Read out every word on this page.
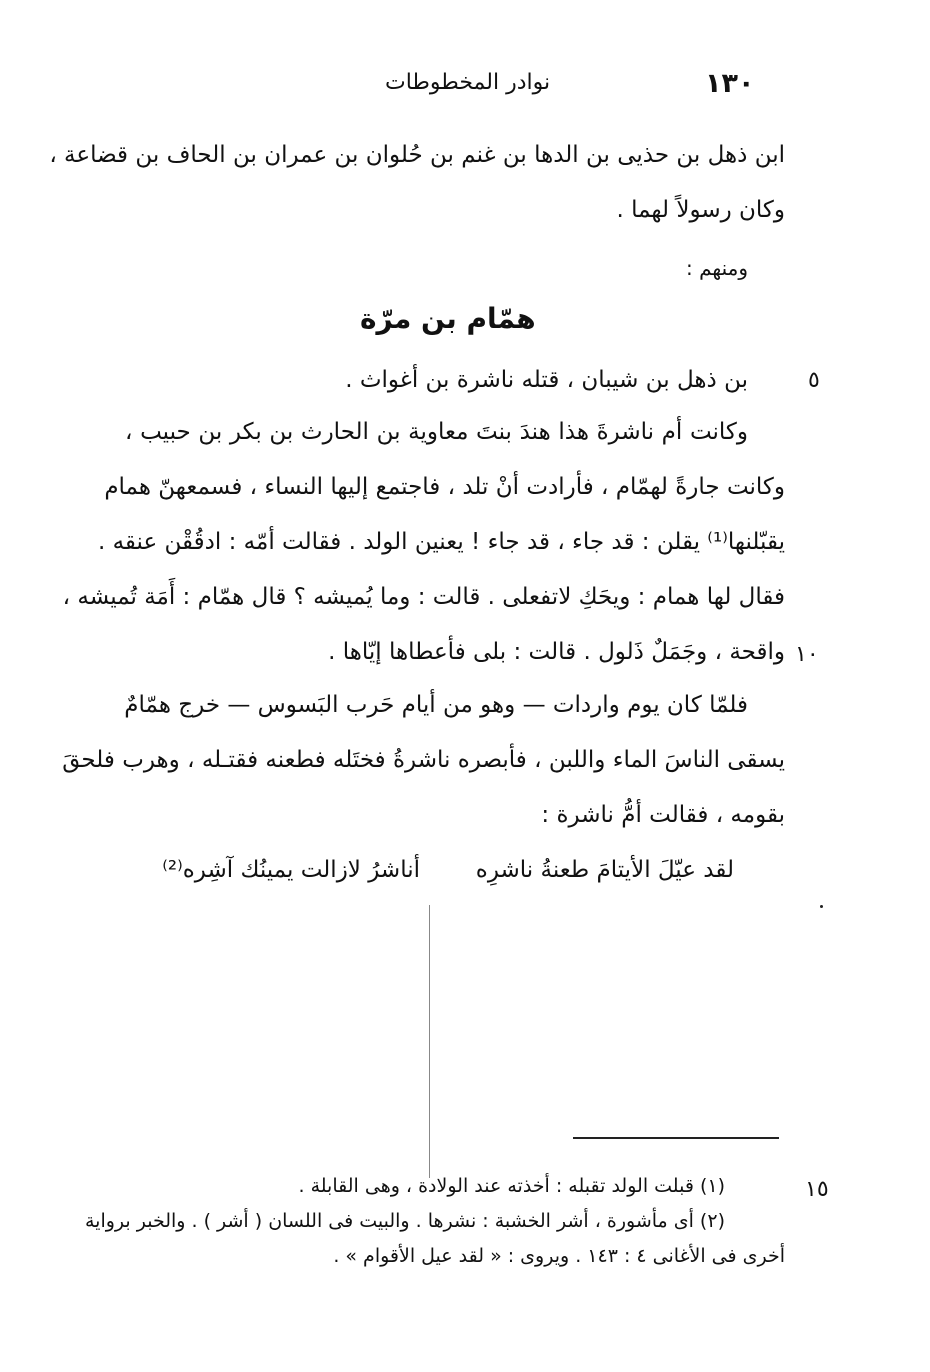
١٣٠
نوادر المخطوطات
ابن ذهل بن حذيى بن الدها بن غنم بن حُلوان بن عمران بن الحاف بن قضاعة ،
وكان رسولاً لهما .
ومنهم :
همّام بن مرّة
٥
بن ذهل بن شيبان ، قتله ناشرة بن أغواث .
وكانت أم ناشرةَ هذا هندَ بنتَ معاوية بن الحارث بن بكر بن حبيب ،
وكانت جارةً لهمّام ، فأرادت أنْ تلد ، فاجتمع إليها النساء ، فسمعهنّ همام
يقبّلنها⁽¹⁾ يقلن : قد جاء ، قد جاء ! يعنين الولد . فقالت أمّه : ادقُقْن عنقه .
فقال لها همام : ويحَكِ لاتفعلى . قالت : وما يُميشه ؟ قال همّام : أَمَة تُميشه ،
١٠
واقحة ، وجَمَلٌ ذَلول . قالت : بلى فأعطاها إيّاها .
فلمّا كان يوم واردات — وهو من أيام حَرب البَسوس — خرج همّامٌ
يسقى الناسَ الماء واللبن ، فأبصره ناشرةُ فختَله فطعنه فقتـله ، وهرب فلحقَ
بقومه ، فقالت أمُّ ناشرة :
لقد عيّلَ الأيتامَ طعنةُ ناشرِه
أناشرُ لازالت يمينُك آشِره⁽²⁾
١٥
(١) قبلت الولد تقبله : أخذته عند الولادة ، وهى القابلة .
(٢) أى مأشورة ، أشر الخشبة : نشرها . والبيت فى اللسان ( أشر ) . والخبر برواية
أخرى فى الأغانى ٤ : ١٤٣ . ويروى : « لقد عيل الأقوام » .
